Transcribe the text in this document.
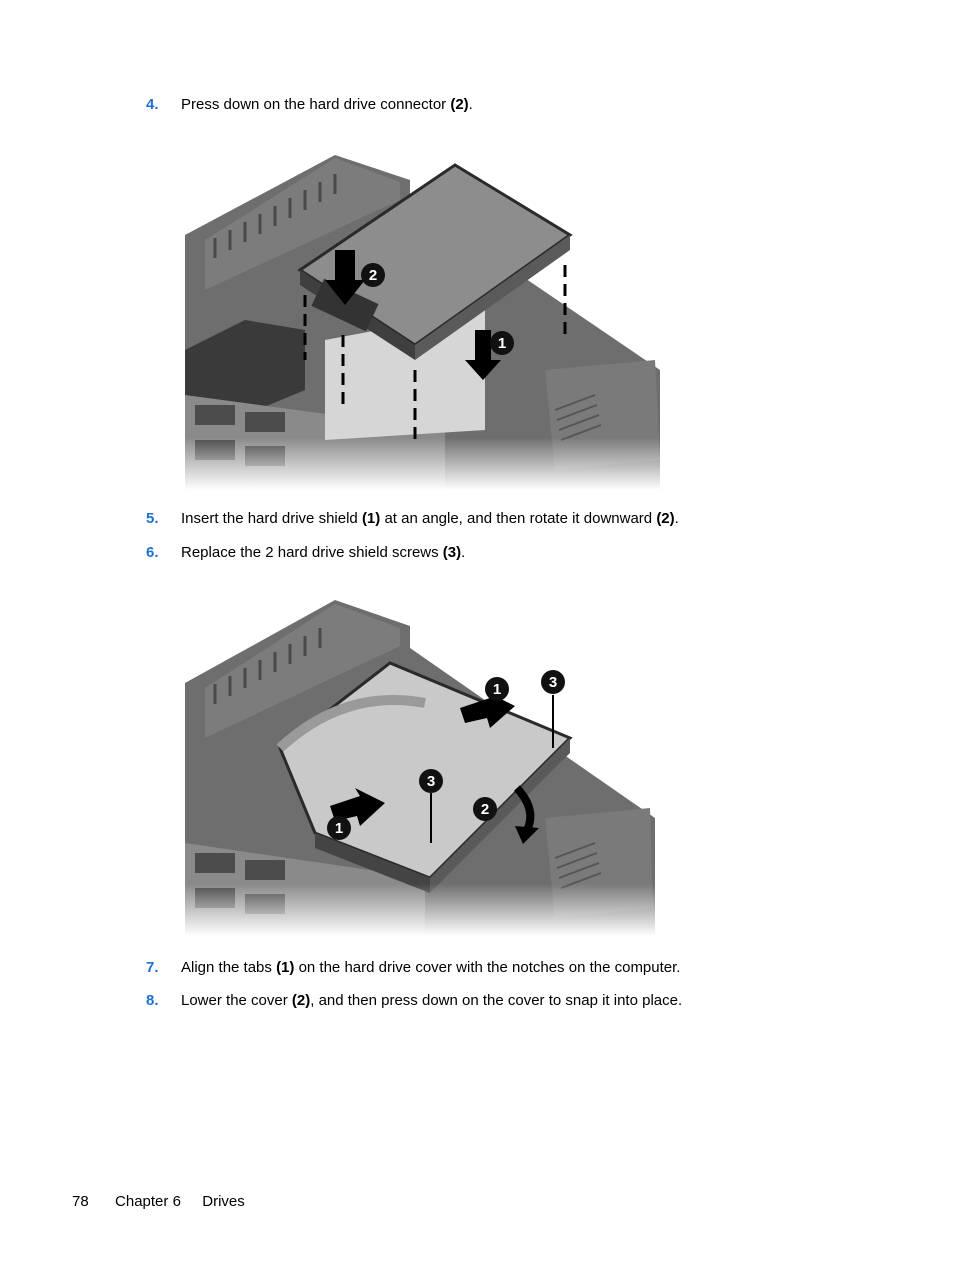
4.	Press down on the hard drive connector (2).
5.	Insert the hard drive shield (1) at an angle, and then rotate it downward (2).
6.	Replace the 2 hard drive shield screws (3).
7.	Align the tabs (1) on the hard drive cover with the notches on the computer.
8.	Lower the cover (2), and then press down on the cover to snap it into place.
78 Chapter 6 Drives
